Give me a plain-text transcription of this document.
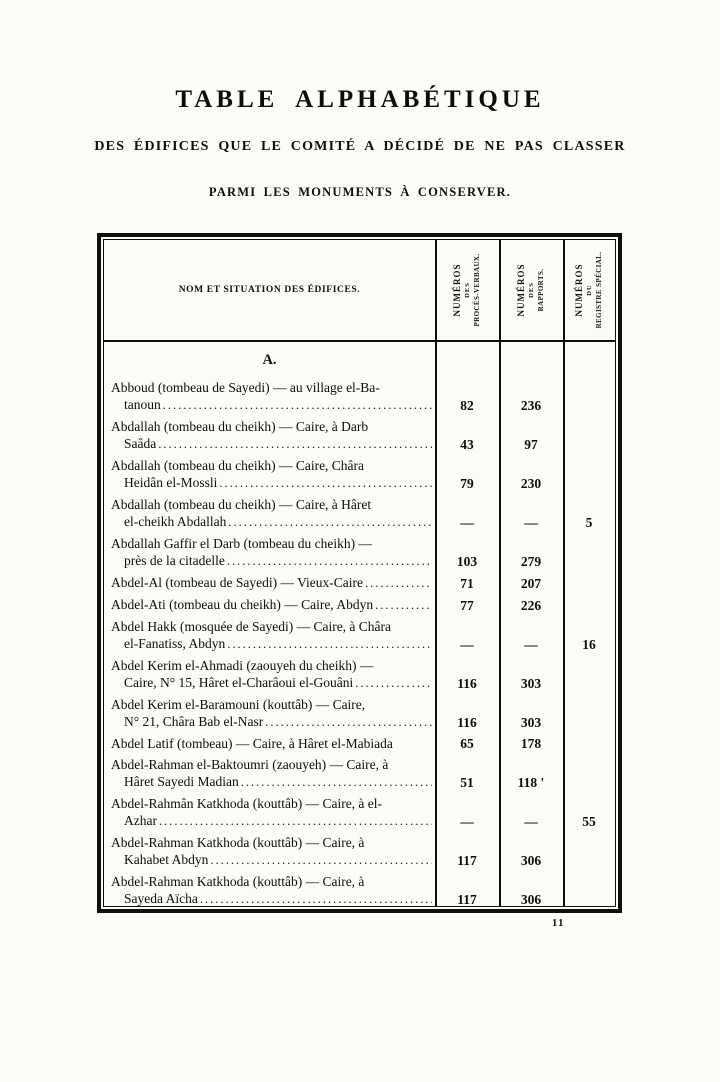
TABLE ALPHABÉTIQUE
DES ÉDIFICES QUE LE COMITÉ A DÉCIDÉ DE NE PAS CLASSER
PARMI LES MONUMENTS À CONSERVER.
NOM ET SITUATION DES ÉDIFICES.	NUMÉROS DES PROCÈS-VERBAUX.	NUMÉROS DES RAPPORTS.	NUMÉROS DU REGISTRE SPÉCIAL.
A.
Abboud (tombeau de Sayedi) — au village el-Ba-
tanoun .....	82	236
Abdallah (tombeau du cheikh) — Caire, à Darb
Saâda .....	43	97
Abdallah (tombeau du cheikh) — Caire, Châra
Heidân el-Mossli .....	79	230
Abdallah (tombeau du cheikh) — Caire, à Hâret
el-cheikh Abdallah .....	—	—	5
Abdallah Gaffir el Darb (tombeau du cheikh) —
près de la citadelle .....	103	279
Abdel-Al (tombeau de Sayedi) — Vieux-Caire .....	71	207
Abdel-Ati (tombeau du cheikh) — Caire, Abdyn .....	77	226
Abdel Hakk (mosquée de Sayedi) — Caire, à Châra
el-Fanatiss, Abdyn .....	—	—	16
Abdel Kerim el-Ahmadi (zaouyeh du cheikh) —
Caire, N° 15, Hâret el-Charâoui el-Gouâni .....	116	303
Abdel Kerim el-Baramouni (kouttâb) — Caire,
N° 21, Châra Bab el-Nasr .....	116	303
Abdel Latif (tombeau) — Caire, à Hâret el-Mabiada	65	178
Abdel-Rahman el-Baktoumri (zaouyeh) — Caire, à
Hâret Sayedi Madian .....	51	118 '
Abdel-Rahmân Katkhoda (kouttâb) — Caire, à el-
Azhar .....	—	—	55
Abdel-Rahman Katkhoda (kouttâb) — Caire, à
Kahabet Abdyn .....	117	306
Abdel-Rahman Katkhoda (kouttâb) — Caire, à
Sayeda Aïcha .....	117	306
11
